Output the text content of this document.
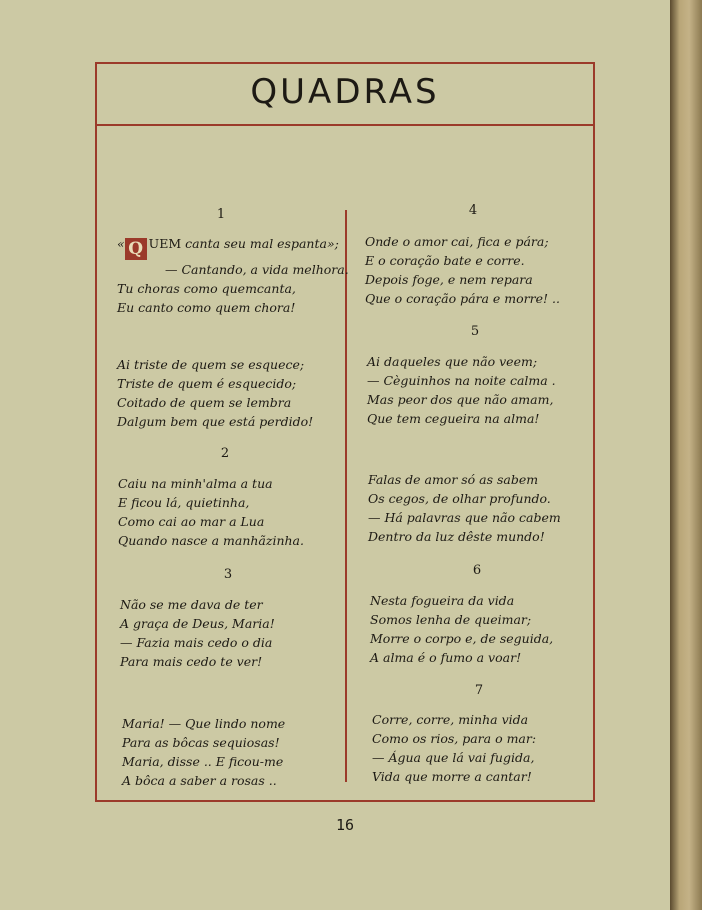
QUADRAS
1
« Q UEM canta seu mal espanta»;
— Cantando, a vida melhora.
Tu choras como quemcanta,
Eu canto como quem chora!
Ai triste de quem se esquece;
Triste de quem é esquecido;
Coitado de quem se lembra
Dalgum bem que está perdido!
2
Caiu na minh'alma a tua
E ficou lá, quietinha,
Como cai ao mar a Lua
Quando nasce a manhãzinha.
3
Não se me dava de ter
A graça de Deus, Maria!
— Fazia mais cedo o dia
Para mais cedo te ver!
Maria! — Que lindo nome
Para as bôcas sequiosas!
Maria, disse .. E ficou-me
A bôca a saber a rosas ..
4
Onde o amor cai, fica e pára;
E o coração bate e corre.
Depois foge, e nem repara
Que o coração pára e morre! ..
5
Ai daqueles que não veem;
— Cèguinhos na noite calma .
Mas peor dos que não amam,
Que tem cegueira na alma!
Falas de amor só as sabem
Os cegos, de olhar profundo.
— Há palavras que não cabem
Dentro da luz dêste mundo!
6
Nesta fogueira da vida
Somos lenha de queimar;
Morre o corpo e, de seguida,
A alma é o fumo a voar!
7
Corre, corre, minha vida
Como os rios, para o mar:
— Água que lá vai fugida,
Vida que morre a cantar!
16
